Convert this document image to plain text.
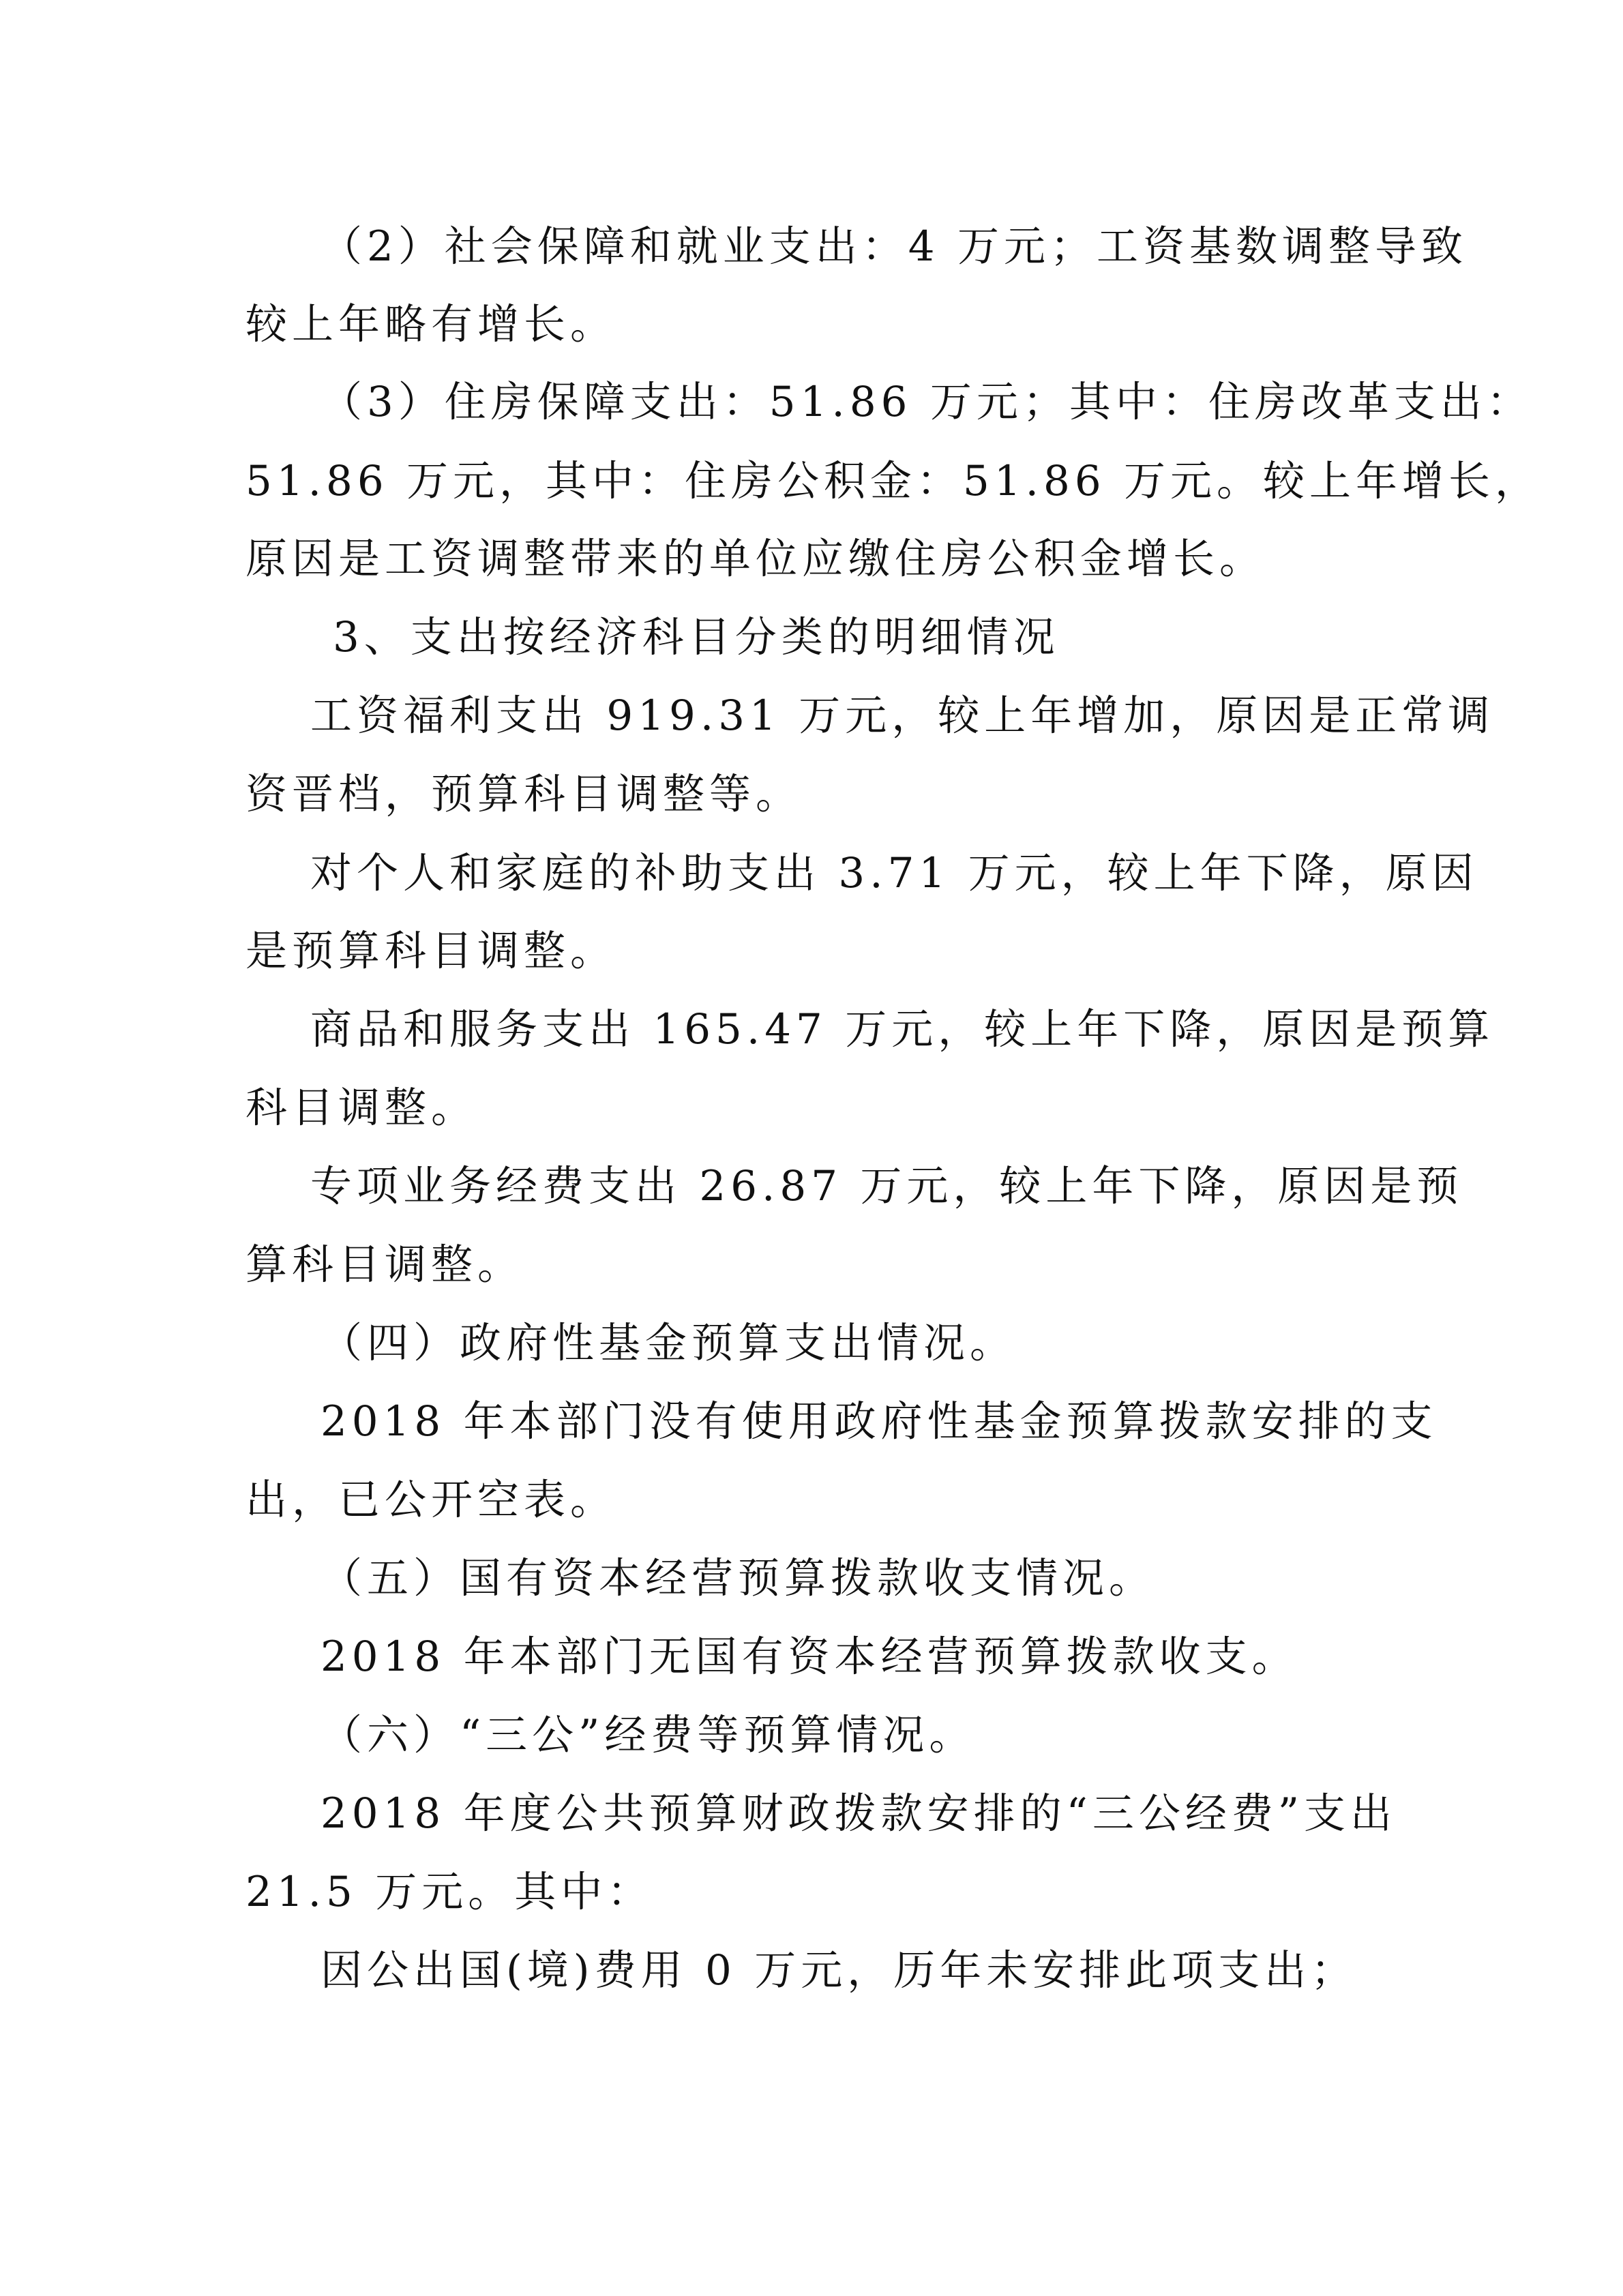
（2）社会保障和就业支出：4 万元；工资基数调整导致
较上年略有增长。
（3）住房保障支出：51.86 万元；其中：住房改革支出：
51.86 万元，其中：住房公积金：51.86 万元。较上年增长，
原因是工资调整带来的单位应缴住房公积金增长。
3、支出按经济科目分类的明细情况
工资福利支出 919.31 万元，较上年增加，原因是正常调
资晋档，预算科目调整等。
对个人和家庭的补助支出 3.71 万元，较上年下降，原因
是预算科目调整。
商品和服务支出 165.47 万元，较上年下降，原因是预算
科目调整。
专项业务经费支出 26.87 万元，较上年下降，原因是预
算科目调整。
（四）政府性基金预算支出情况。
2018 年本部门没有使用政府性基金预算拨款安排的支
出，已公开空表。
（五）国有资本经营预算拨款收支情况。
2018 年本部门无国有资本经营预算拨款收支。
（六）“三公”经费等预算情况。
2018 年度公共预算财政拨款安排的“三公经费”支出
21.5 万元。其中：
因公出国(境)费用 0 万元，历年未安排此项支出；
